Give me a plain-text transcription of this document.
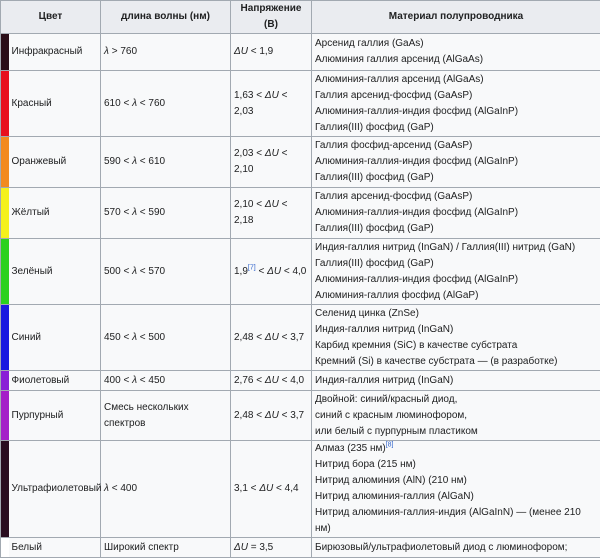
Цвет		длина волны (нм)	Напряжение (В)	Материал полупроводника
	Инфракрасный	λ > 760	ΔU < 1,9	Арсенид галлия (GaAs)
Алюминия галлия арсенид (AlGaAs)

	Красный	610 < λ < 760	1,63 < ΔU < 2,03	Алюминия-галлия арсенид (AlGaAs)
Галлия арсенид-фосфид (GaAsP)
Алюминия-галлия-индия фосфид (AlGaInP)
Галлия(III) фосфид (GaP)

	Оранжевый	590 < λ < 610	2,03 < ΔU < 2,10	Галлия фосфид-арсенид (GaAsP)
Алюминия-галлия-индия фосфид (AlGaInP)
Галлия(III) фосфид (GaP)

	Жёлтый	570 < λ < 590	2,10 < ΔU < 2,18	Галлия арсенид-фосфид (GaAsP)
Алюминия-галлия-индия фосфид (AlGaInP)
Галлия(III) фосфид (GaP)

	Зелёный	500 < λ < 570	1,9[7] < ΔU < 4,0	Индия-галлия нитрид (InGaN) / Галлия(III) нитрид (GaN)
Галлия(III) фосфид (GaP)
Алюминия-галлия-индия фосфид (AlGaInP)
Алюминия-галлия фосфид (AlGaP)

	Синий	450 < λ < 500	2,48 < ΔU < 3,7	Селенид цинка (ZnSe)
Индия-галлия нитрид (InGaN)
Карбид кремния (SiC) в качестве субстрата
Кремний (Si) в качестве субстрата — (в разработке)

	Фиолетовый	400 < λ < 450	2,76 < ΔU < 4,0	Индия-галлия нитрид (InGaN)

	Пурпурный	Смесь нескольких спектров	2,48 < ΔU < 3,7	Двойной: синий/красный диод,
синий с красным люминофором,
или белый с пурпурным пластиком

	Ультрафиолетовый	λ < 400	3,1 < ΔU < 4,4	Алмаз (235 нм)[8]
Нитрид бора (215 нм)
Нитрид алюминия (AlN) (210 нм)
Нитрид алюминия-галлия (AlGaN)
Нитрид алюминия-галлия-индия (AlGaInN) — (менее 210 нм)

	Белый	Широкий спектр	ΔU = 3,5	Бирюзовый/ультрафиолетовый диод с люминофором;
